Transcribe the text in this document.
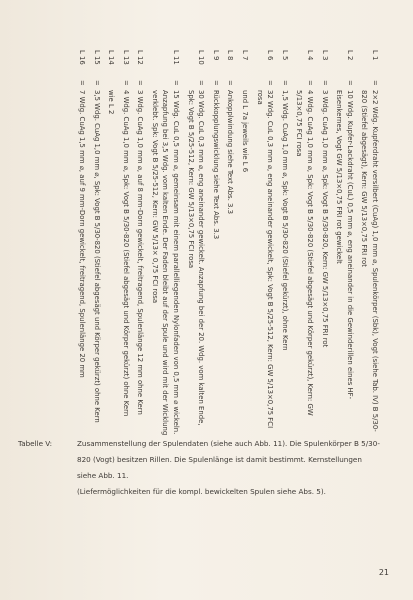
L 1
=
2×2 Wdg. Kupferdraht versilbert (CuAg) 1,0 mm ⌀, Spulenkörper (Sbk), Vogt (siehe Tab. IV) B 5/30-820 (Stiefel abgesägt), Kern: GW 5/13×0,75 FRI rot
L 2
=
10 Wdg. Kupfer-Lackdraht (CuL) 0,5 mm ⌀, eng aneinander in die Gewinderillen eines HF-Eisenkernes, Vogt GW 5/13×0,75 FRI rot gewickelt
L 3
=
3 Wdg. CuAg 1,0 mm ⌀, Spk: Vogt B 5/30-820, Kern: GW 5/13×0,75 FRI rot
L 4
=
4 Wdg. CuAg 1,0 mm ⌀, Spk: Vogt B 5/30-820 (Stiefel abgesägt und Körper gekürzt), Kern: GW 5/13×0,75 FCI rosa
L 5
=
1,5 Wdg. CuAg 1,0 mm ⌀, Spk: Vogt B 5/30-820 (Stiefel gekürzt), ohne Kern
L 6
=
32 Wdg. CuL 0,3 mm ⌀, eng aneinander gewickelt, Spk: Vogt B 5/25-512, Kern: GW 5/13×0,75 FCI rosa
L 7
und L 7a jeweils wie L 6
L 8
=
Ankopplwindung siehe Text Abs. 3.3
L 9
=
Rückkopplungswicklung siehe Text Abs. 3.3
L 10
=
30 Wdg. CuL 0,3 mm ⌀, eng aneinander gewickelt. Anzapfung bei der 20. Wdg. vom kalten Ende, Spk: Vogt B 5/25-512, Kern: GW 5/13×0,75 FCI rosa
L 11
=
15 Wdg. CuL 0,5 mm ⌀, gemeinsam mit einem parallelliegenden Nylonfaden von 0,5 mm ⌀ wickeln. Anzapfung bei 3,5 Wdg. vom kalten Ende. Der Faden bleibt auf der Spule und wird mit der Wicklung verklebt. Spk: Vogt B 5/25-512, Kern: GW 5/13× 0,75 FCI rosa
L 12
=
3 Wdg. CuAg 1,0 mm ⌀, auf 8 mm-Dorn gewickelt, freitragend, Spulenlänge 12 mm ohne Kern
L 13
=
4 Wdg. CuAg 1,0 mm ⌀, Spk: Vogt B 5/30-820 (Stiefel abgesägt und Körper gekürzt) ohne Kern
L 14
wie L 2
L 15
=
3,5 Wdg. CuAg 1,0 mm ⌀, Spk: Vogt B 5/30-820 (Stiefel abgesägt und Körper gekürzt) ohne Kern
L 16
=
7 Wdg. CuAg 1,5 mm ⌀, auf 9 mm-Dorn gewickelt, freitragend, Spulenlänge 20 mm
Tabelle V:	Zusammenstellung der Spulendaten (siehe auch Abb. 11). Die Spulenkörper B 5/30-
820 (Vogt) besitzen Rillen. Die Spulenlänge ist damit bestimmt. Kernstellungen
siehe Abb. 11.
(Liefermöglichkeiten für die kompl. bewickelten Spulen siehe Abs. 5).
21
